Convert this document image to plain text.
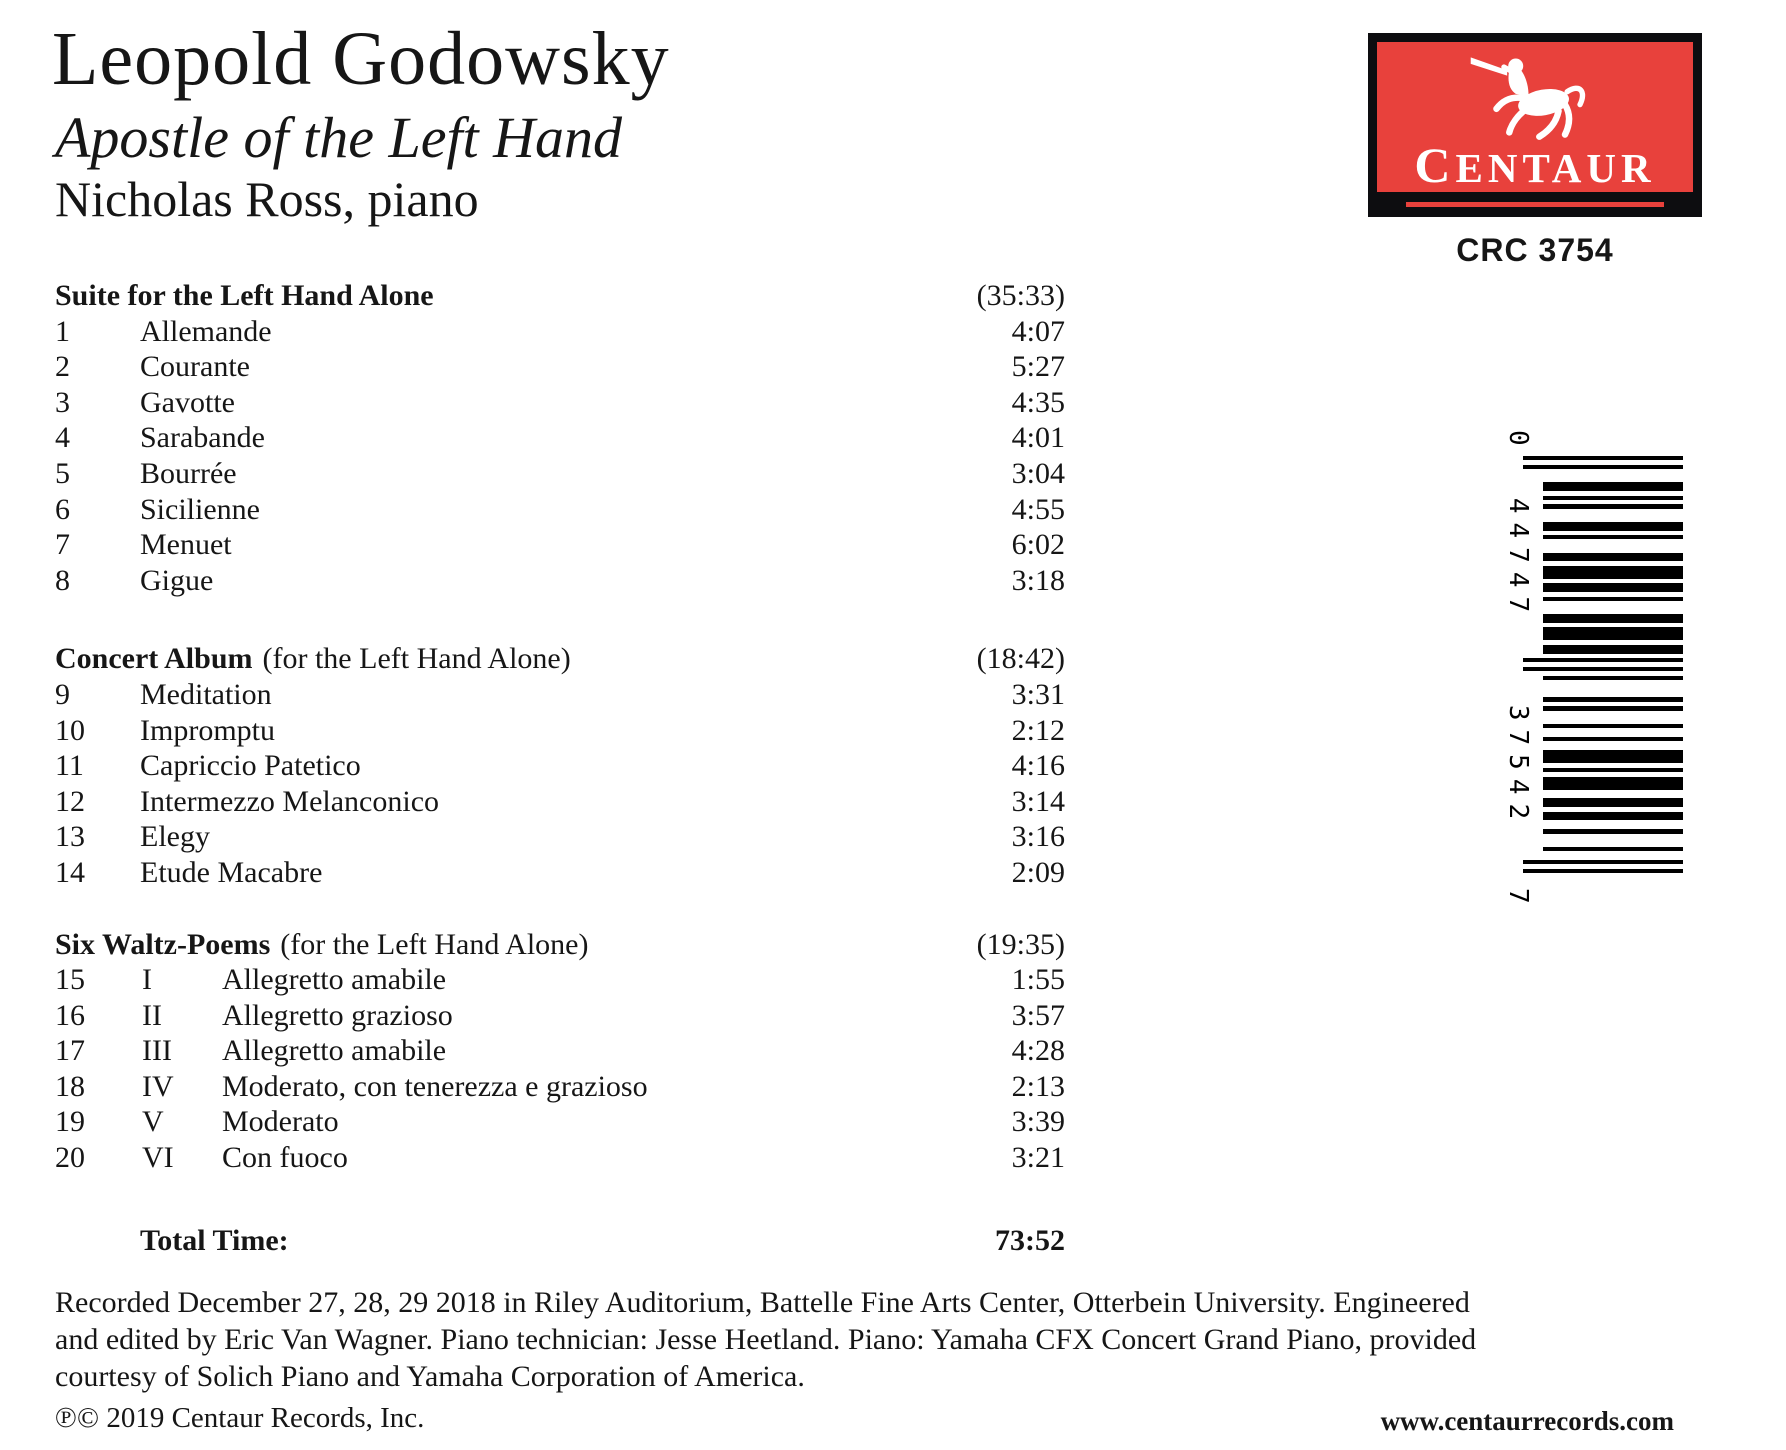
Leopold Godowsky
Apostle of the Left Hand
Nicholas Ross, piano
CENTAUR
CRC 3754
0
44747
37542
7
Suite for the Left Hand Alone	(35:33)
1 Allemande	4:07
2 Courante	5:27
3 Gavotte	4:35
4 Sarabande	4:01
5 Bourrée	3:04
6 Sicilienne	4:55
7 Menuet	6:02
8 Gigue	3:18
Concert Album (for the Left Hand Alone)	(18:42)
9 Meditation	3:31
10 Impromptu	2:12
11 Capriccio Patetico	4:16
12 Intermezzo Melanconico	3:14
13 Elegy	3:16
14 Etude Macabre	2:09
Six Waltz-Poems (for the Left Hand Alone)	(19:35)
15 I Allegretto amabile	1:55
16 II Allegretto grazioso	3:57
17 III Allegretto amabile	4:28
18 IV Moderato, con tenerezza e grazioso	2:13
19 V Moderato	3:39
20 VI Con fuoco	3:21
Total Time:	73:52
Recorded December 27, 28, 29 2018 in Riley Auditorium, Battelle Fine Arts Center, Otterbein University. Engineered
and edited by Eric Van Wagner. Piano technician: Jesse Heetland. Piano: Yamaha CFX Concert Grand Piano, provided
courtesy of Solich Piano and Yamaha Corporation of America.
℗© 2019 Centaur Records, Inc.	www.centaurrecords.com
